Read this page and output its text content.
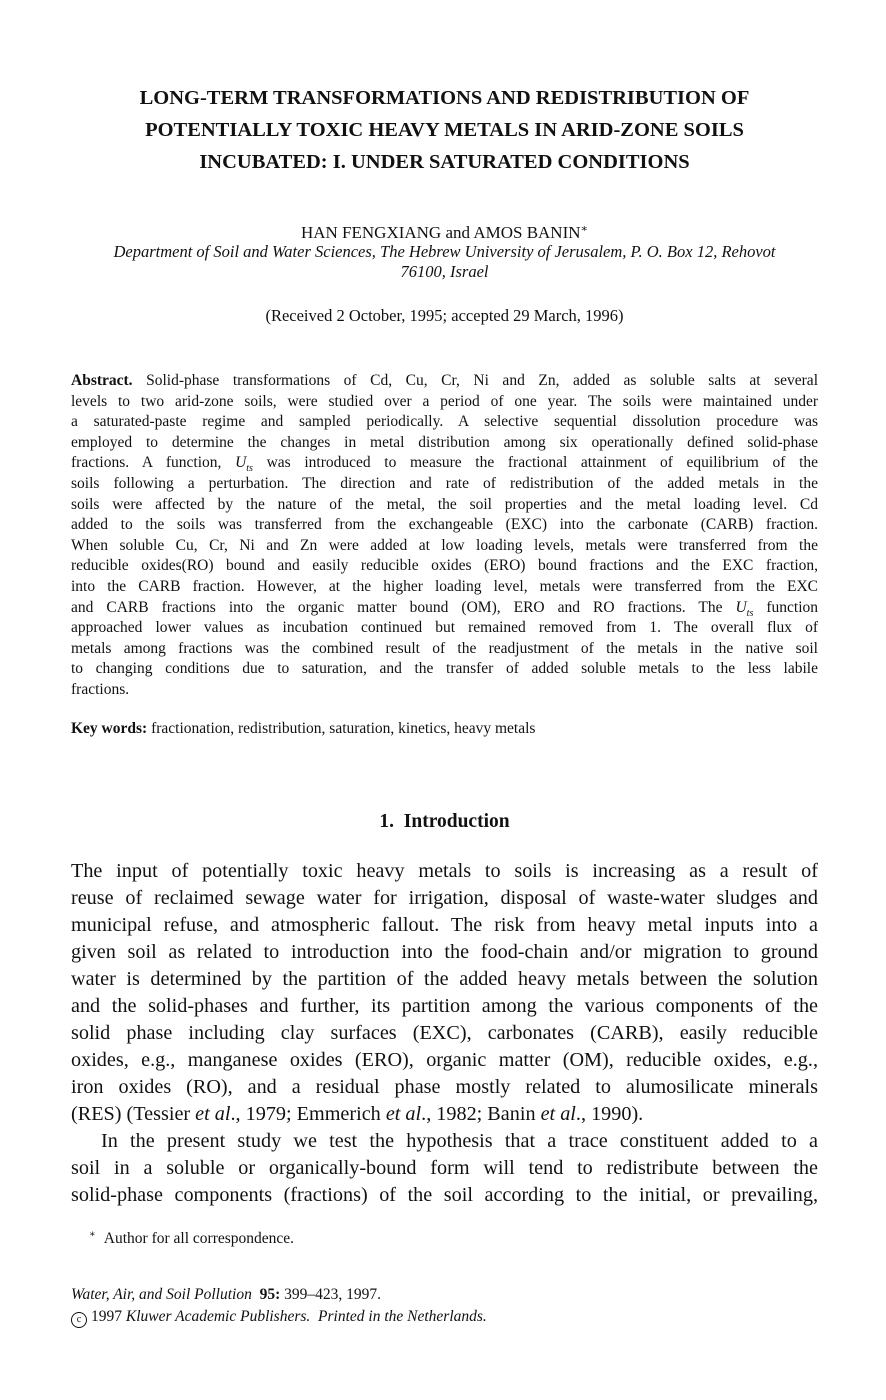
LONG-TERM TRANSFORMATIONS AND REDISTRIBUTION OF
POTENTIALLY TOXIC HEAVY METALS IN ARID-ZONE SOILS
INCUBATED: I. UNDER SATURATED CONDITIONS
HAN FENGXIANG and AMOS BANIN∗
Department of Soil and Water Sciences, The Hebrew University of Jerusalem, P. O. Box 12, Rehovot
76100, Israel
(Received 2 October, 1995; accepted 29 March, 1996)
Abstract. Solid-phase transformations of Cd, Cu, Cr, Ni and Zn, added as soluble salts at several
levels to two arid-zone soils, were studied over a period of one year. The soils were maintained under
a saturated-paste regime and sampled periodically. A selective sequential dissolution procedure was
employed to determine the changes in metal distribution among six operationally defined solid-phase
fractions. A function, $U_{ts}$ was introduced to measure the fractional attainment of equilibrium of the
soils following a perturbation. The direction and rate of redistribution of the added metals in the
soils were affected by the nature of the metal, the soil properties and the metal loading level. Cd
added to the soils was transferred from the exchangeable (EXC) into the carbonate (CARB) fraction.
When soluble Cu, Cr, Ni and Zn were added at low loading levels, metals were transferred from the
reducible oxides(RO) bound and easily reducible oxides (ERO) bound fractions and the EXC fraction,
into the CARB fraction. However, at the higher loading level, metals were transferred from the EXC
and CARB fractions into the organic matter bound (OM), ERO and RO fractions. The $U_{ts}$ function
approached lower values as incubation continued but remained removed from 1. The overall flux of
metals among fractions was the combined result of the readjustment of the metals in the native soil
to changing conditions due to saturation, and the transfer of added soluble metals to the less labile
fractions.
Key words: fractionation, redistribution, saturation, kinetics, heavy metals
1. Introduction
The input of potentially toxic heavy metals to soils is increasing as a result of
reuse of reclaimed sewage water for irrigation, disposal of waste-water sludges and
municipal refuse, and atmospheric fallout. The risk from heavy metal inputs into a
given soil as related to introduction into the food-chain and/or migration to ground
water is determined by the partition of the added heavy metals between the solution
and the solid-phases and further, its partition among the various components of the
solid phase including clay surfaces (EXC), carbonates (CARB), easily reducible
oxides, e.g., manganese oxides (ERO), organic matter (OM), reducible oxides, e.g.,
iron oxides (RO), and a residual phase mostly related to alumosilicate minerals
(RES) (Tessier et al., 1979; Emmerich et al., 1982; Banin et al., 1990).
In the present study we test the hypothesis that a trace constituent added to a
soil in a soluble or organically-bound form will tend to redistribute between the
solid-phase components (fractions) of the soil according to the initial, or prevailing,
∗ Author for all correspondence.
Water, Air, and Soil Pollution 95: 399–423, 1997.
c 1997 Kluwer Academic Publishers. Printed in the Netherlands.
